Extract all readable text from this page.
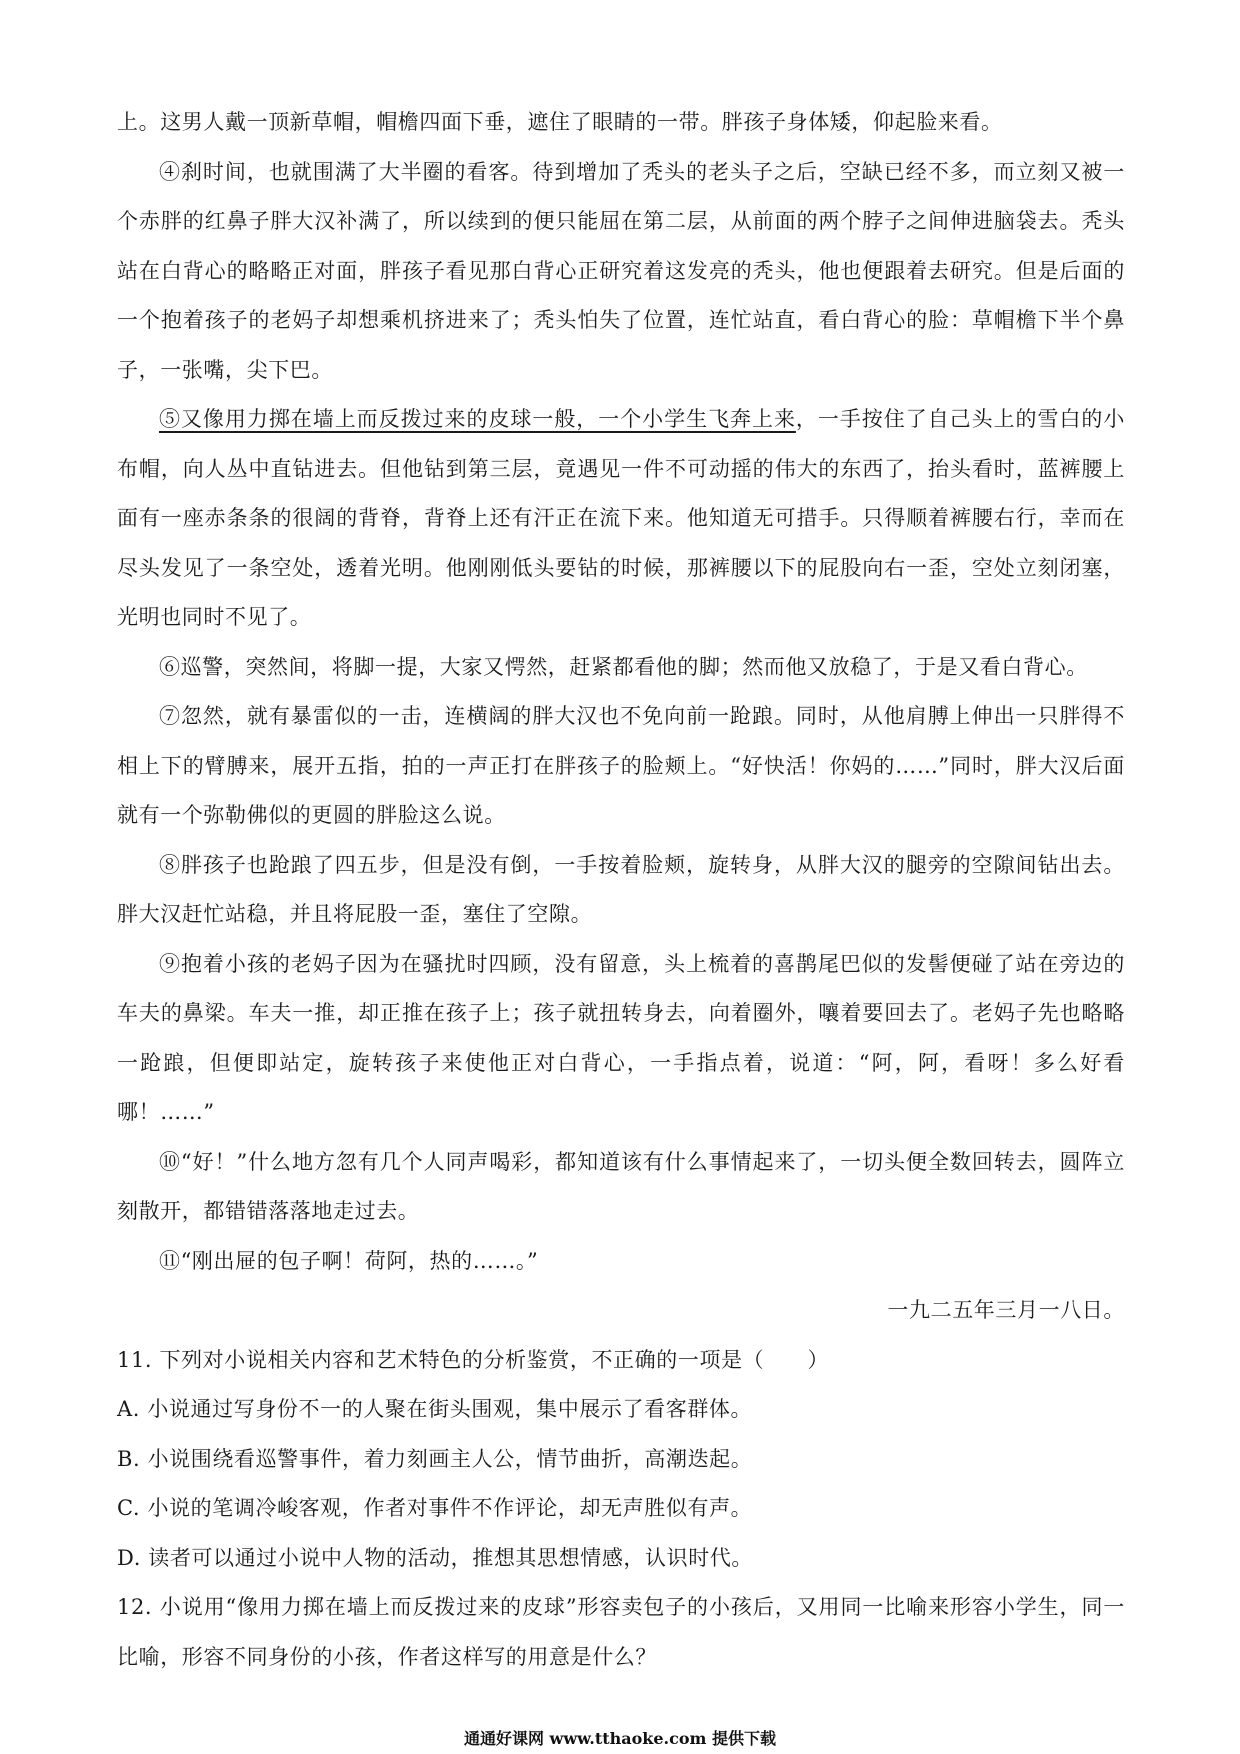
上。这男人戴一顶新草帽，帽檐四面下垂，遮住了眼睛的一带。胖孩子身体矮，仰起脸来看。

④刹时间，也就围满了大半圈的看客。待到增加了秃头的老头子之后，空缺已经不多，而立刻又被一个赤胖的红鼻子胖大汉补满了，所以续到的便只能屈在第二层，从前面的两个脖子之间伸进脑袋去。秃头站在白背心的略略正对面，胖孩子看见那白背心正研究着这发亮的秃头，他也便跟着去研究。但是后面的一个抱着孩子的老妈子却想乘机挤进来了；秃头怕失了位置，连忙站直，看白背心的脸：草帽檐下半个鼻子，一张嘴，尖下巴。

⑤又像用力掷在墙上而反拨过来的皮球一般，一个小学生飞奔上来，一手按住了自己头上的雪白的小布帽，向人丛中直钻进去。但他钻到第三层，竟遇见一件不可动摇的伟大的东西了，抬头看时，蓝裤腰上面有一座赤条条的很阔的背脊，背脊上还有汗正在流下来。他知道无可措手。只得顺着裤腰右行，幸而在尽头发见了一条空处，透着光明。他刚刚低头要钻的时候，那裤腰以下的屁股向右一歪，空处立刻闭塞，光明也同时不见了。

⑥巡警，突然间，将脚一提，大家又愕然，赶紧都看他的脚；然而他又放稳了，于是又看白背心。

⑦忽然，就有暴雷似的一击，连横阔的胖大汉也不免向前一跄踉。同时，从他肩膊上伸出一只胖得不相上下的臂膊来，展开五指，拍的一声正打在胖孩子的脸颊上。“好快活！你妈的……”同时，胖大汉后面就有一个弥勒佛似的更圆的胖脸这么说。

⑧胖孩子也跄踉了四五步，但是没有倒，一手按着脸颊，旋转身，从胖大汉的腿旁的空隙间钻出去。胖大汉赶忙站稳，并且将屁股一歪，塞住了空隙。

⑨抱着小孩的老妈子因为在骚扰时四顾，没有留意，头上梳着的喜鹊尾巴似的发髻便碰了站在旁边的车夫的鼻梁。车夫一推，却正推在孩子上；孩子就扭转身去，向着圈外，嚷着要回去了。老妈子先也略略一跄踉，但便即站定，旋转孩子来使他正对白背心，一手指点着，说道：“阿，阿，看呀！多么好看哪！……”

⑩“好！”什么地方忽有几个人同声喝彩，都知道该有什么事情起来了，一切头便全数回转去，圆阵立刻散开，都错错落落地走过去。

⑪“刚出屉的包子啊！荷阿，热的……。”

一九二五年三月一八日。

11. 下列对小说相关内容和艺术特色的分析鉴赏，不正确的一项是（　　）

A. 小说通过写身份不一的人聚在街头围观，集中展示了看客群体。

B. 小说围绕看巡警事件，着力刻画主人公，情节曲折，高潮迭起。

C. 小说的笔调冷峻客观，作者对事件不作评论，却无声胜似有声。

D. 读者可以通过小说中人物的活动，推想其思想情感，认识时代。

12. 小说用“像用力掷在墙上而反拨过来的皮球”形容卖包子的小孩后，又用同一比喻来形容小学生，同一比喻，形容不同身份的小孩，作者这样写的用意是什么？

通通好课网 www.tthaoke.com 提供下载
